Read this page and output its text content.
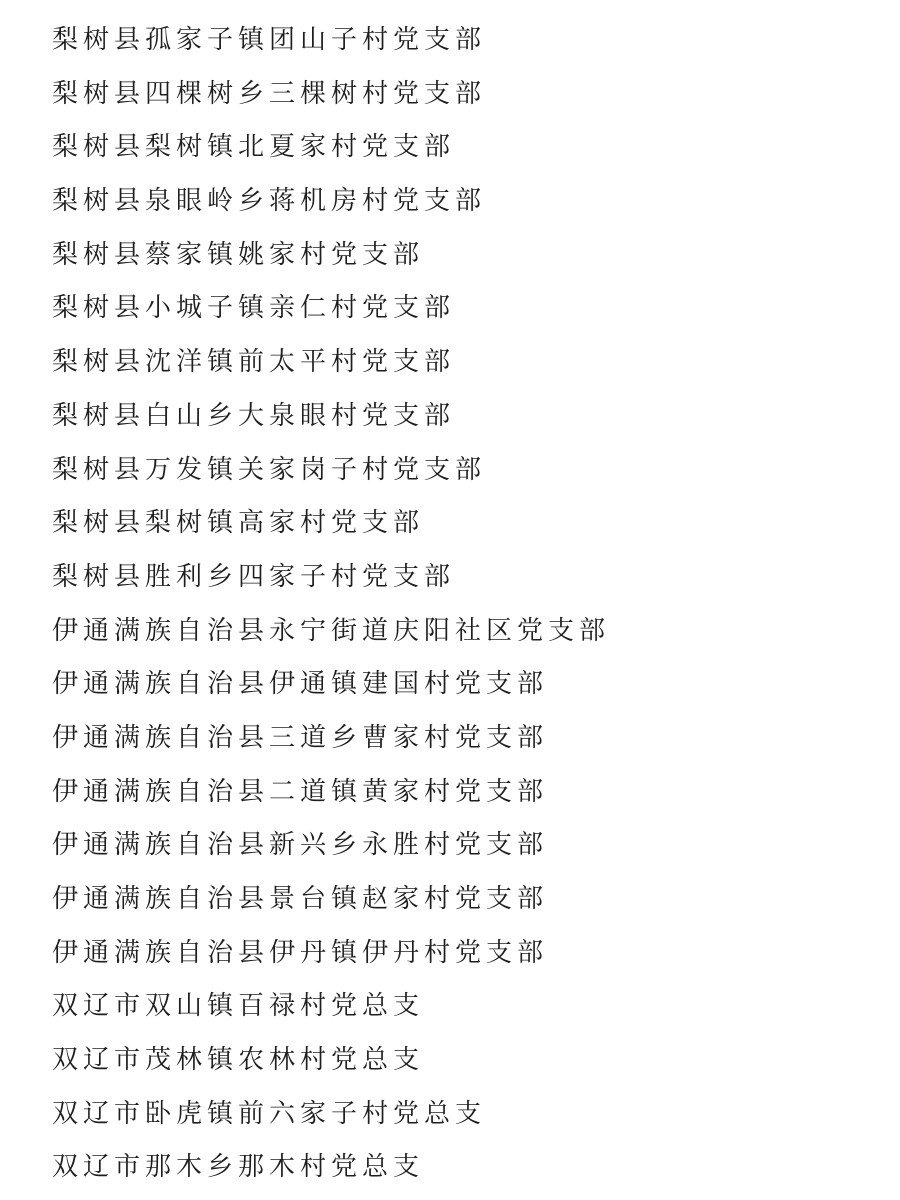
梨树县孤家子镇团山子村党支部
梨树县四棵树乡三棵树村党支部
梨树县梨树镇北夏家村党支部
梨树县泉眼岭乡蒋机房村党支部
梨树县蔡家镇姚家村党支部
梨树县小城子镇亲仁村党支部
梨树县沈洋镇前太平村党支部
梨树县白山乡大泉眼村党支部
梨树县万发镇关家岗子村党支部
梨树县梨树镇高家村党支部
梨树县胜利乡四家子村党支部
伊通满族自治县永宁街道庆阳社区党支部
伊通满族自治县伊通镇建国村党支部
伊通满族自治县三道乡曹家村党支部
伊通满族自治县二道镇黄家村党支部
伊通满族自治县新兴乡永胜村党支部
伊通满族自治县景台镇赵家村党支部
伊通满族自治县伊丹镇伊丹村党支部
双辽市双山镇百禄村党总支
双辽市茂林镇农林村党总支
双辽市卧虎镇前六家子村党总支
双辽市那木乡那木村党总支
